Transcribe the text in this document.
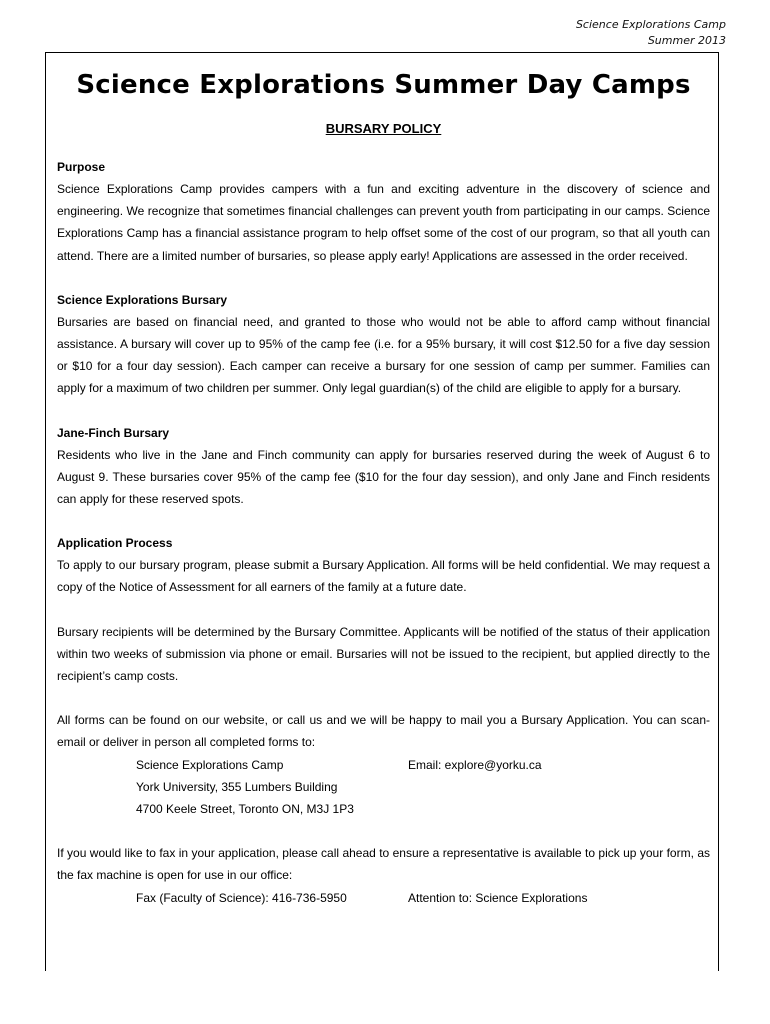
Science Explorations Camp
Summer 2013
Science Explorations Summer Day Camps
BURSARY POLICY
Purpose

Science Explorations Camp provides campers with a fun and exciting adventure in the discovery of science and engineering. We recognize that sometimes financial challenges can prevent youth from participating in our camps. Science Explorations Camp has a financial assistance program to help offset some of the cost of our program, so that all youth can attend. There are a limited number of bursaries, so please apply early! Applications are assessed in the order received.

Science Explorations Bursary

Bursaries are based on financial need, and granted to those who would not be able to afford camp without financial assistance. A bursary will cover up to 95% of the camp fee (i.e. for a 95% bursary, it will cost $12.50 for a five day session or $10 for a four day session). Each camper can receive a bursary for one session of camp per summer. Families can apply for a maximum of two children per summer. Only legal guardian(s) of the child are eligible to apply for a bursary.

Jane-Finch Bursary

Residents who live in the Jane and Finch community can apply for bursaries reserved during the week of August 6 to August 9. These bursaries cover 95% of the camp fee ($10 for the four day session), and only Jane and Finch residents can apply for these reserved spots.

Application Process

To apply to our bursary program, please submit a Bursary Application. All forms will be held confidential. We may request a copy of the Notice of Assessment for all earners of the family at a future date.

Bursary recipients will be determined by the Bursary Committee. Applicants will be notified of the status of their application within two weeks of submission via phone or email. Bursaries will not be issued to the recipient, but applied directly to the recipient’s camp costs.

All forms can be found on our website, or call us and we will be happy to mail you a Bursary Application. You can scan-email or deliver in person all completed forms to:

Science Explorations Camp	Email: explore@yorku.ca
York University, 355 Lumbers Building
4700 Keele Street, Toronto ON, M3J 1P3

If you would like to fax in your application, please call ahead to ensure a representative is available to pick up your form, as the fax machine is open for use in our office:

Fax (Faculty of Science): 416-736-5950	Attention to: Science Explorations
